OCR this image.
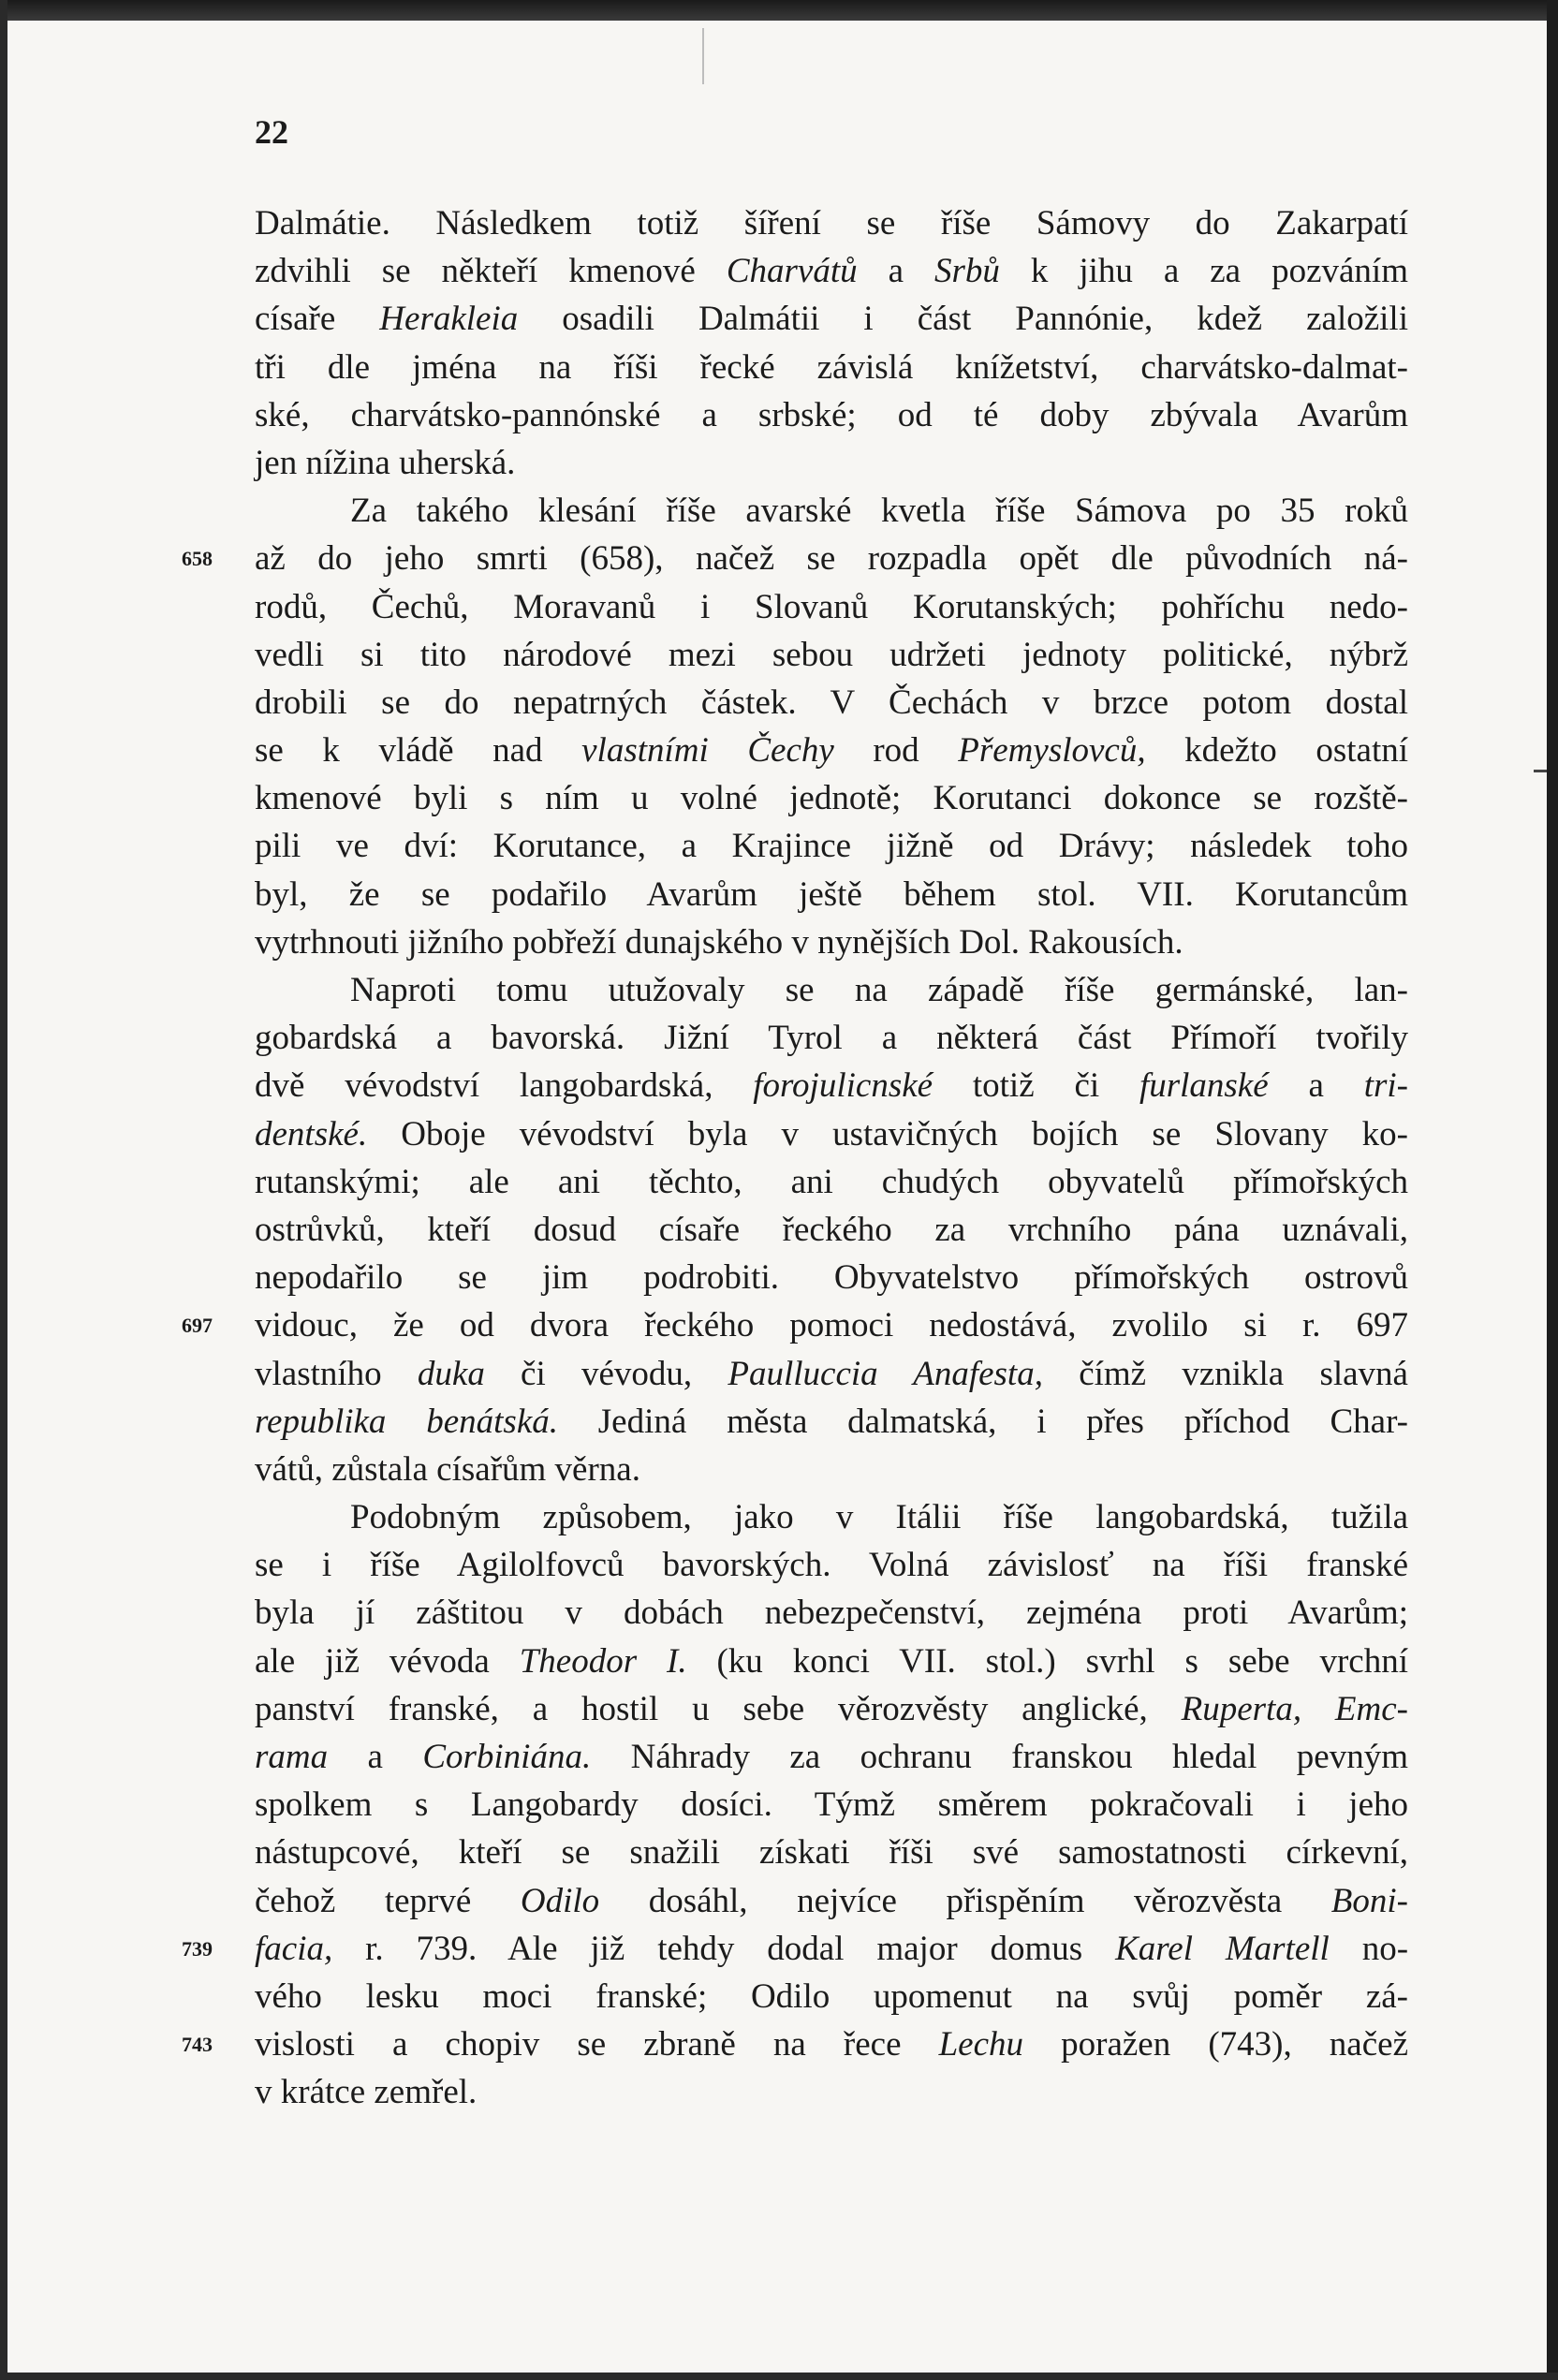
22
Dalmátie. Následkem totiž šíření se říše Sámovy do Zakarpatí
zdvihli se někteří kmenové Charvátů a Srbů k jihu a za pozváním
císaře Herakleia osadili Dalmátii i část Pannónie, kdež založili
tři dle jména na říši řecké závislá knížetství, charvátsko-dalmat-
ské, charvátsko-pannónské a srbské; od té doby zbývala Avarům
jen nížina uherská.
Za takého klesání říše avarské kvetla říše Sámova po 35 roků
658 až do jeho smrti (658), načež se rozpadla opět dle původních ná-
rodů, Čechů, Moravanů i Slovanů Korutanských; pohříchu nedo-
vedli si tito národové mezi sebou udržeti jednoty politické, nýbrž
drobili se do nepatrných částek. V Čechách v brzce potom dostal
se k vládě nad vlastními Čechy rod Přemyslovců, kdežto ostatní
kmenové byli s ním u volné jednotě; Korutanci dokonce se rozště-
pili ve dví: Korutance, a Krajince jižně od Drávy; následek toho
byl, že se podařilo Avarům ještě během stol. VII. Korutancům
vytrhnouti jižního pobřeží dunajského v nynějších Dol. Rakousích.
Naproti tomu utužovaly se na západě říše germánské, lan-
gobardská a bavorská. Jižní Tyrol a některá část Přímoří tvořily
dvě vévodství langobardská, forojulicnské totiž či furlanské a tri-
dentské. Oboje vévodství byla v ustavičných bojích se Slovany ko-
rutanskými; ale ani těchto, ani chudých obyvatelů přímořských
ostrůvků, kteří dosud císaře řeckého za vrchního pána uznávali,
nepodařilo se jim podrobiti. Obyvatelstvo přímořských ostrovů
697 vidouc, že od dvora řeckého pomoci nedostává, zvolilo si r. 697
vlastního duka či vévodu, Paulluccia Anafesta, čímž vznikla slavná
republika benátská. Jediná města dalmatská, i přes příchod Char-
vátů, zůstala císařům věrna.
Podobným způsobem, jako v Itálii říše langobardská, tužila
se i říše Agilolfovců bavorských. Volná závislosť na říši franské
byla jí záštitou v dobách nebezpečenství, zejména proti Avarům;
ale již vévoda Theodor I. (ku konci VII. stol.) svrhl s sebe vrchní
panství franské, a hostil u sebe věrozvěsty anglické, Ruperta, Emc-
rama a Corbiniána. Náhrady za ochranu franskou hledal pevným
spolkem s Langobardy dosíci. Týmž směrem pokračovali i jeho
nástupcové, kteří se snažili získati říši své samostatnosti církevní,
čehož teprvé Odilo dosáhl, nejvíce přispěním věrozvěsta Boni-
739 facia, r. 739. Ale již tehdy dodal major domus Karel Martell no-
vého lesku moci franské; Odilo upomenut na svůj poměr zá-
743 vislosti a chopiv se zbraně na řece Lechu poražen (743), načež
v krátce zemřel.
